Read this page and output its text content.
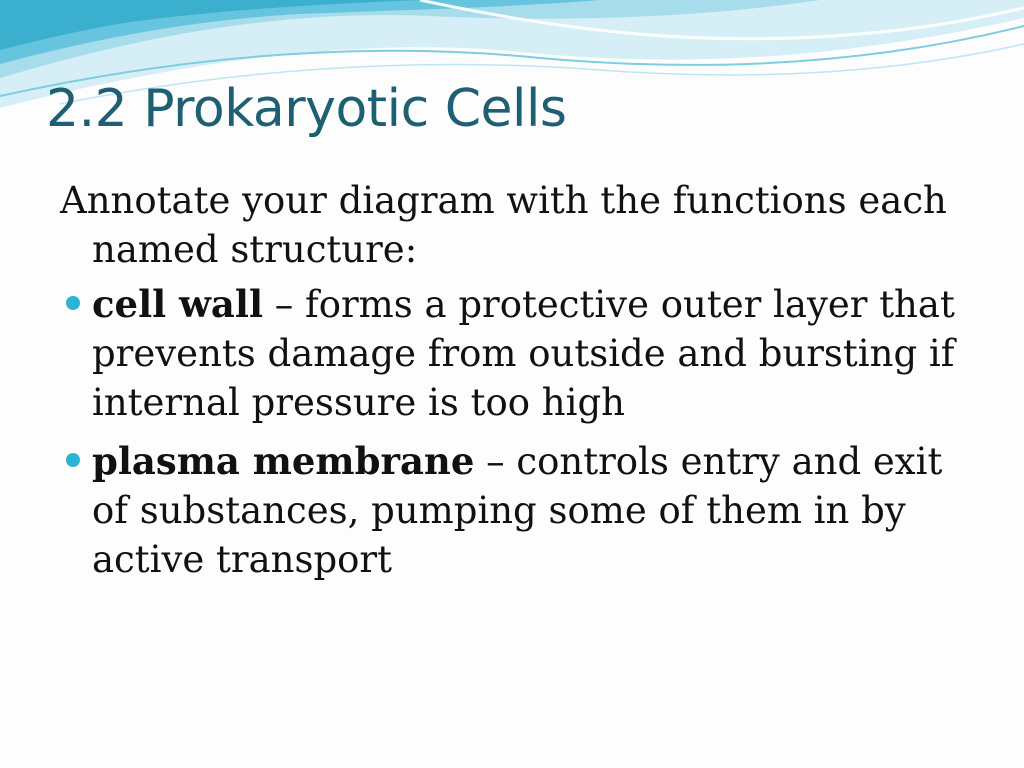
2.2 Prokaryotic Cells

Annotate your diagram with the functions each named structure:

cell wall – forms a protective outer layer that prevents damage from outside and bursting if internal pressure is too high
plasma membrane – controls entry and exit of substances, pumping some of them in by active transport
